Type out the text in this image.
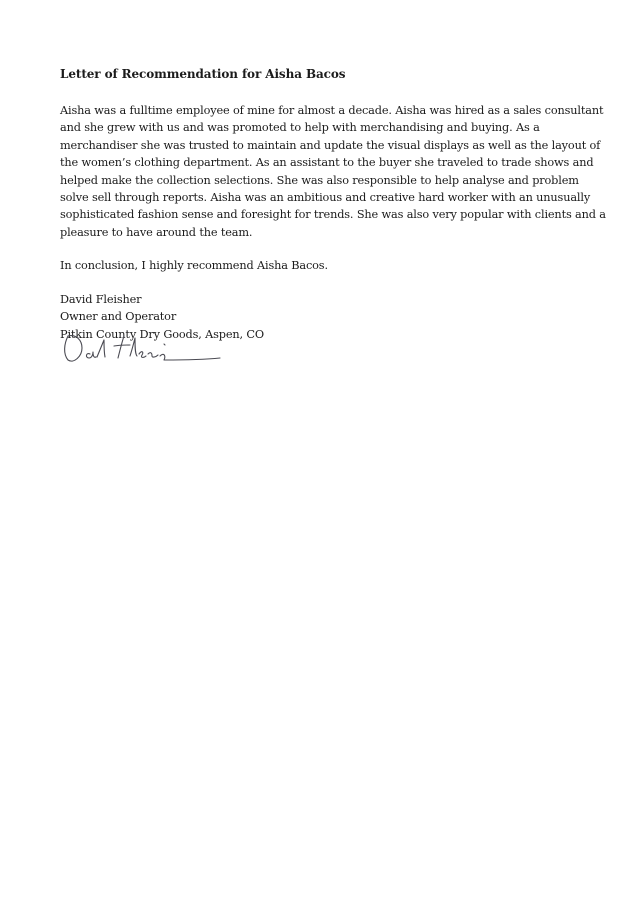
Letter of Recommendation for Aisha Bacos
Aisha was a fulltime employee of mine for almost a decade. Aisha was hired as a sales consultant
and she grew with us and was promoted to help with merchandising and buying. As a
merchandiser she was trusted to maintain and update the visual displays as well as the layout of
the women’s clothing department. As an assistant to the buyer she traveled to trade shows and
helped make the collection selections. She was also responsible to help analyse and problem
solve sell through reports. Aisha was an ambitious and creative hard worker with an unusually
sophisticated fashion sense and foresight for trends. She was also very popular with clients and a
pleasure to have around the team.
In conclusion, I highly recommend Aisha Bacos.
David Fleisher
Owner and Operator
Pitkin County Dry Goods, Aspen, CO
